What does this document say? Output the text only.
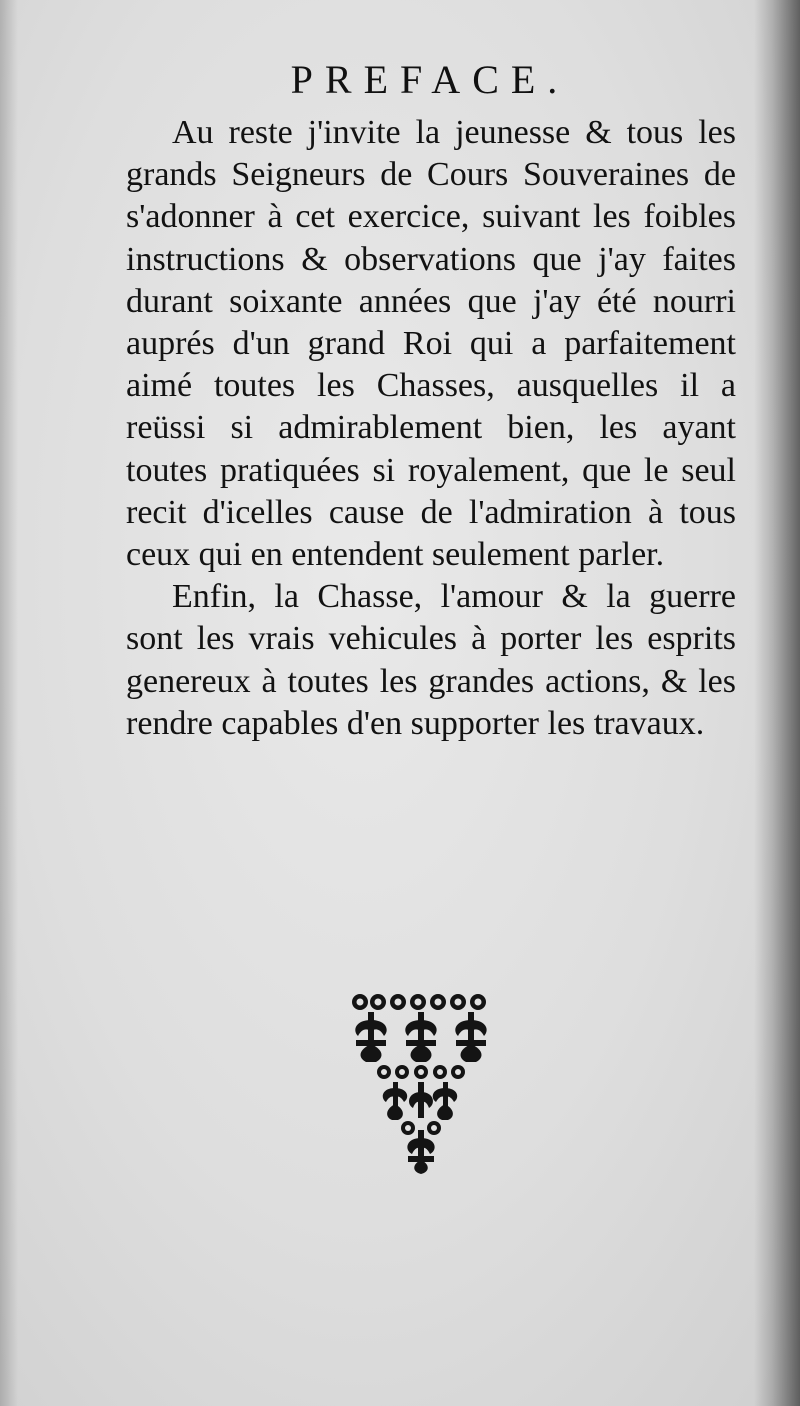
PREFACE.

Au reste j'invite la jeunesse & tous les grands Seigneurs de Cours Souveraines de s'adonner à cet exercice, suivant les foibles instructions & observations que j'ay faites durant soixante années que j'ay été nourri auprés d'un grand Roi qui a parfaitement aimé toutes les Chasses, ausquelles il a reüssi si admirablement bien, les ayant toutes pratiquées si royalement, que le seul recit d'icelles cause de l'admiration à tous ceux qui en entendent seulement parler.

Enfin, la Chasse, l'amour & la guerre sont les vrais vehicules à porter les esprits genereux à toutes les grandes actions, & les rendre capables d'en supporter les travaux.
